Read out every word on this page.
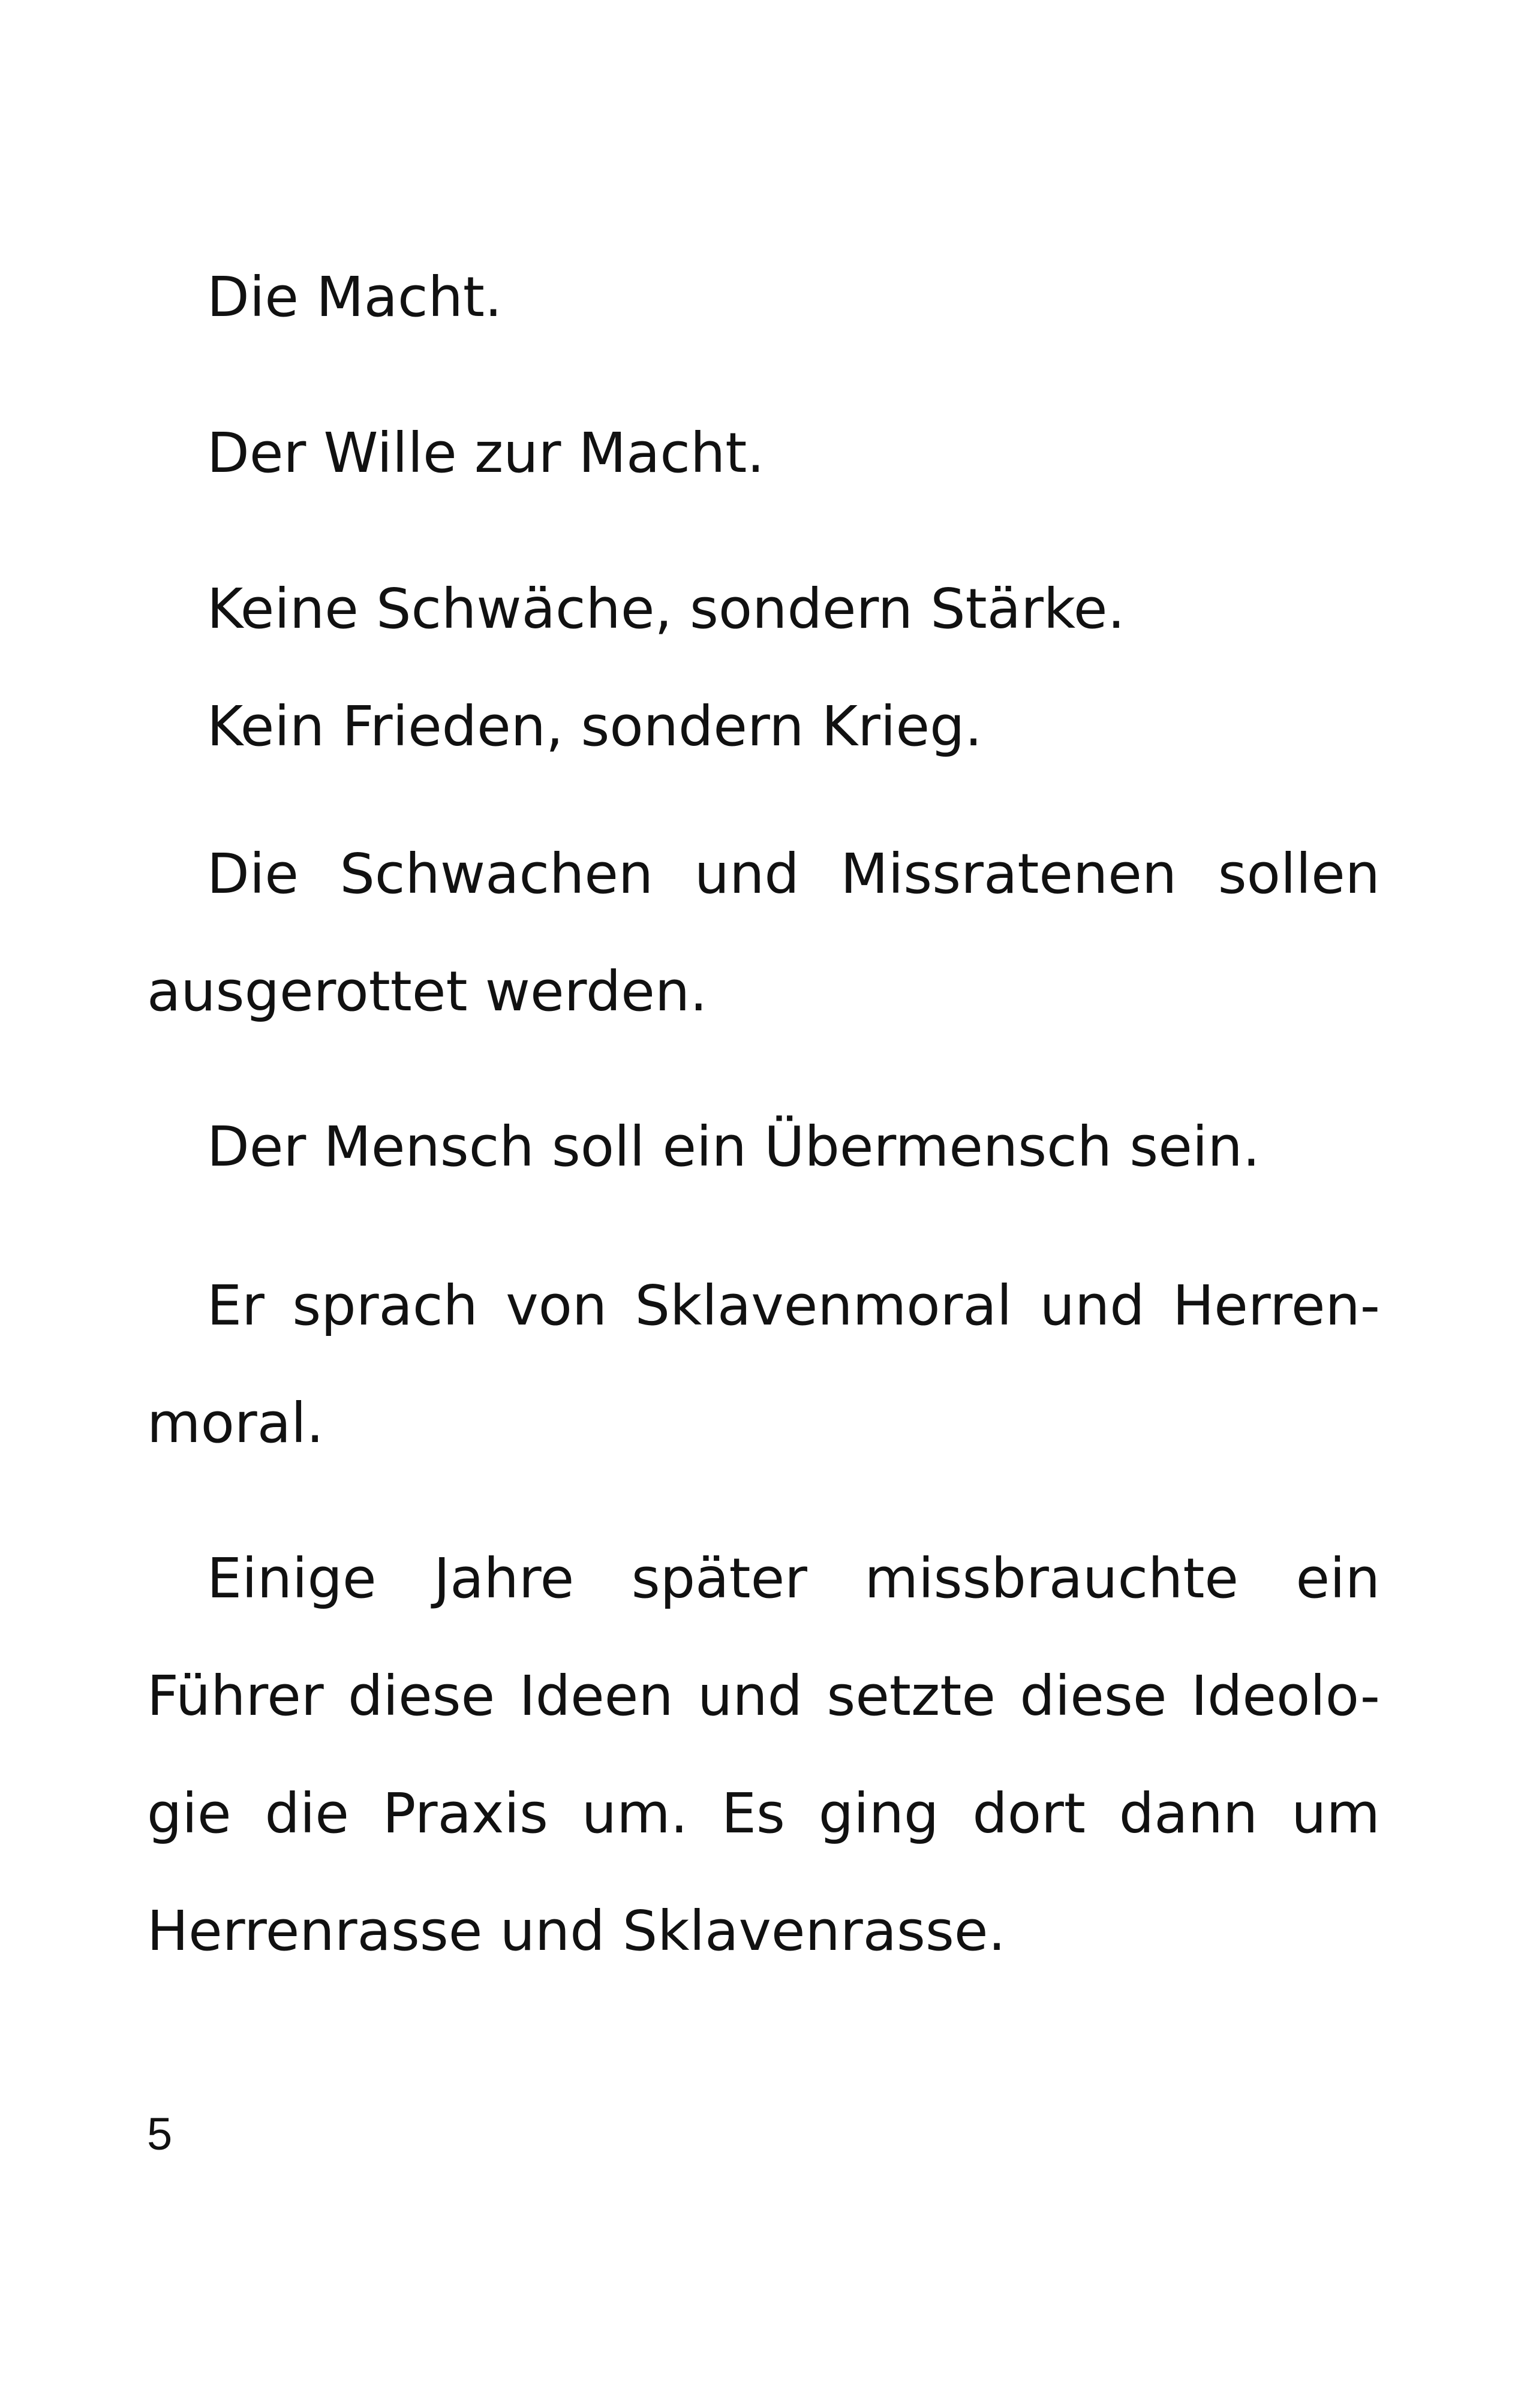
Die Macht.

Der Wille zur Macht.

Keine Schwäche, sondern Stärke.

Kein Frieden, sondern Krieg.

Die Schwachen und Missratenen sollen
ausgerottet werden.

Der Mensch soll ein Übermensch sein.

Er sprach von Sklavenmoral und Herren-
moral.

Einige Jahre später missbrauchte ein
Führer diese Ideen und setzte diese Ideolo-
gie die Praxis um. Es ging dort dann um
Herrenrasse und Sklavenrasse.

5
